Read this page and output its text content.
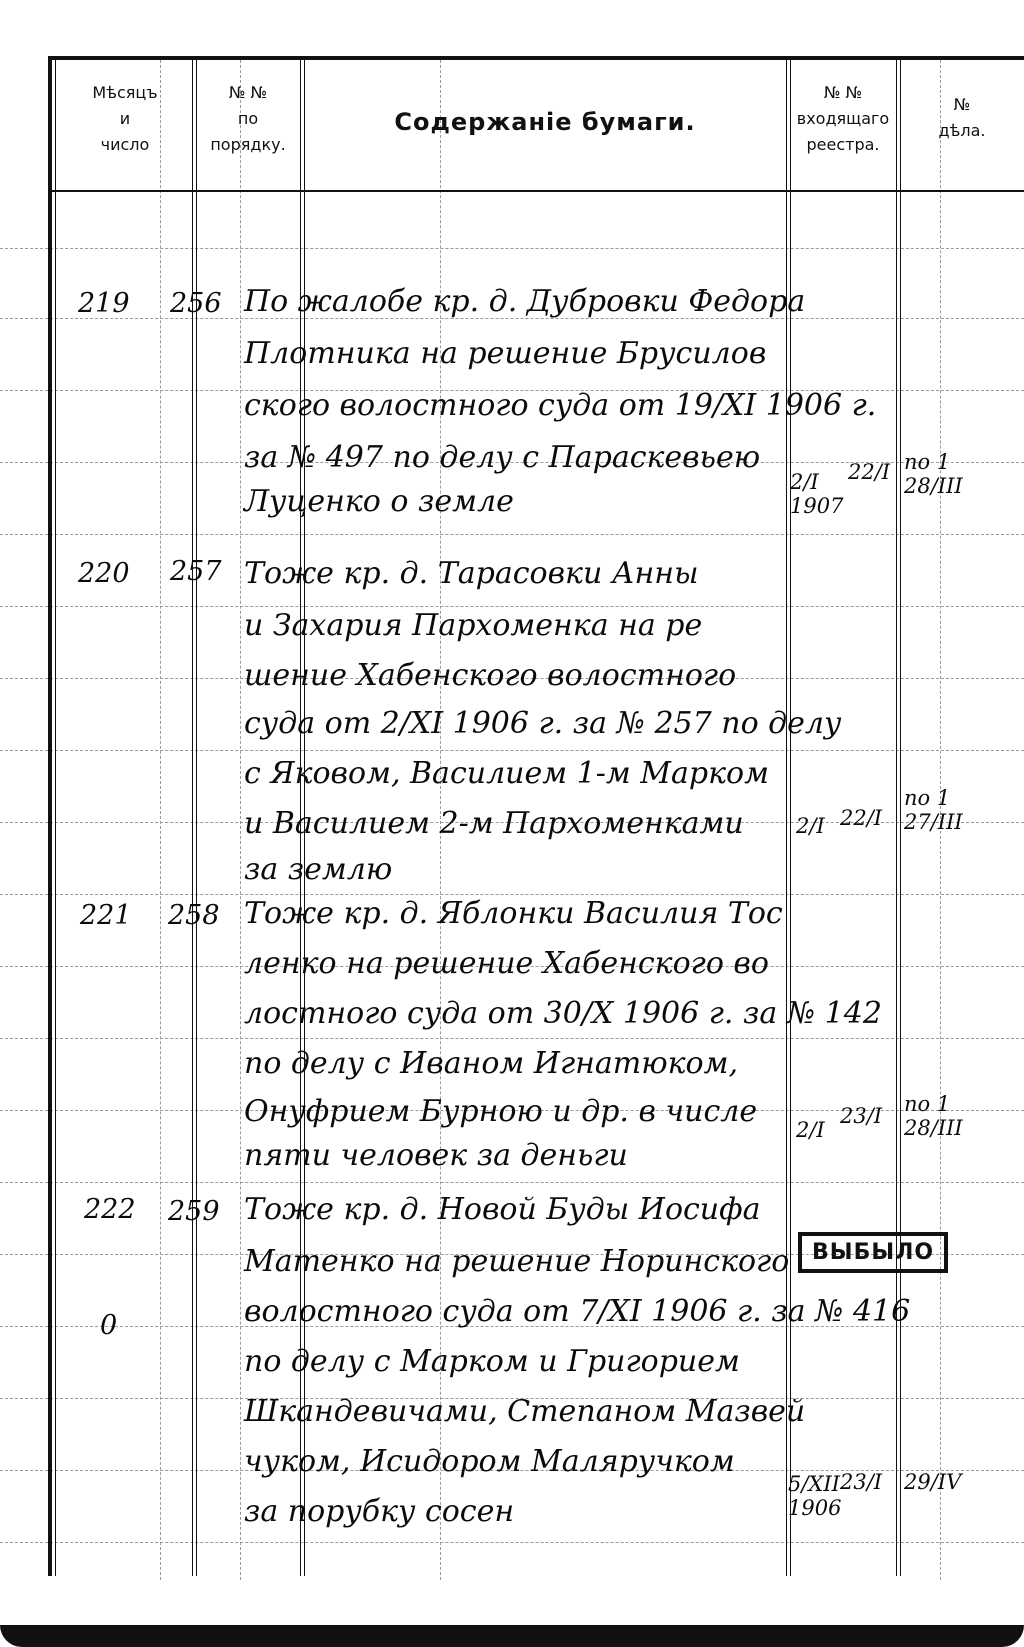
Мѣсяцъ
и
число
№ №
по
порядку.
Содержаніе бумаги.
№ №
входящаго
реестра.
№
дѣла.
219 256 По жалобе кр. д. Дубровки Федора
Плотника на решение Брусилов
ского волостного суда от 19/XI 1906 г.
за № 497 по делу с Параскевьею
Луценко о земле
2/I 1907
22/I по 1 28/III
220 257 Тоже кр. д. Тарасовки Анны
и Захария Пархоменка на ре
шение Хабенского волостного
суда от 2/XI 1906 г. за № 257 по делу
с Яковом, Василием 1-м Марком
и Василием 2-м Пархоменками
за землю
2/I 22/I
по 1 27/III
221 258 Тоже кр. д. Яблонки Василия Тос
ленко на решение Хабенского во
лостного суда от 30/X 1906 г. за № 142
по делу с Иваном Игнатюком,
Онуфрием Бурною и др. в числе
пяти человек за деньги
2/I
23/I по 1 28/III
222 259 Тоже кр. д. Новой Буды Иосифа
Матенко на решение Норинского
волостного суда от 7/XI 1906 г. за № 416
по делу с Марком и Григорием
Шкандевичами, Степаном Мазвей
чуком, Исидором Маляручком
за порубку сосен
5/XII 1906
23/I 29/IV
ВЫБЫЛО
0
